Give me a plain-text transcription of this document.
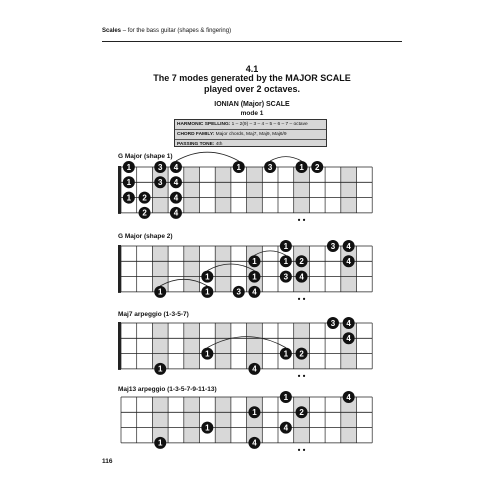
Scales – for the bass guitar (shapes & fingering)
4.1
The 7 modes generated by the MAJOR SCALE
played over 2 octaves.
IONIAN (Major) SCALE
mode 1
HARMONIC SPELLING: 1 – 2(9) – 3 – 4 – 5 – 6 – 7 – octave
CHORD FAMILY: Major chords, Maj7, Maj9, Maj6/9
PASSING TONE: 4th
G Major (shape 1)
G Major (shape 2)
Maj7 arpeggio (1-3-5-7)
Maj13 arpeggio (1-3-5-7-9-11-13)
1	3 4	1	3	1 2
1	3 4
1 2	4
2	4
1	3 4
1	1 2	4
1	1	3 4
1	1	3 4
3 4
4
1	1 2
1	4
1	4
1	2
1	4
1	4
116
